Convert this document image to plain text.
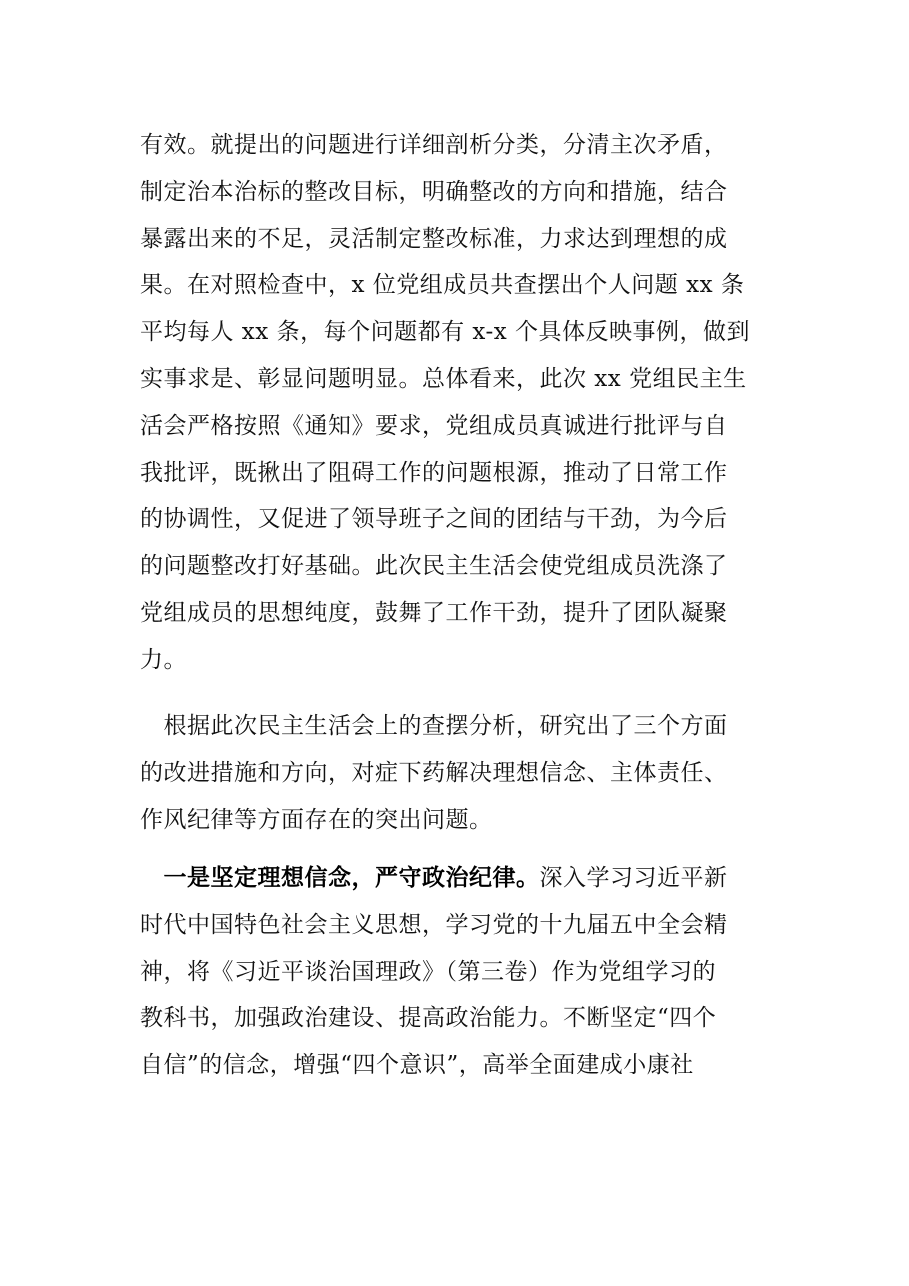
有效。就提出的问题进行详细剖析分类，分清主次矛盾，
制定治本治标的整改目标，明确整改的方向和措施，结合
暴露出来的不足，灵活制定整改标准，力求达到理想的成
果。在对照检查中，x 位党组成员共查摆出个人问题 xx 条
平均每人 xx 条，每个问题都有 x-x 个具体反映事例，做到
实事求是、彰显问题明显。总体看来，此次 xx 党组民主生
活会严格按照《通知》要求，党组成员真诚进行批评与自
我批评，既揪出了阻碍工作的问题根源，推动了日常工作
的协调性，又促进了领导班子之间的团结与干劲，为今后
的问题整改打好基础。此次民主生活会使党组成员洗涤了
党组成员的思想纯度，鼓舞了工作干劲，提升了团队凝聚
力。
　根据此次民主生活会上的查摆分析，研究出了三个方面
的改进措施和方向，对症下药解决理想信念、主体责任、
作风纪律等方面存在的突出问题。
　一是坚定理想信念，严守政治纪律。深入学习习近平新
时代中国特色社会主义思想，学习党的十九届五中全会精
神，将《习近平谈治国理政》（第三卷）作为党组学习的
教科书，加强政治建设、提高政治能力。不断坚定“四个
自信”的信念，增强“四个意识”，高举全面建成小康社
